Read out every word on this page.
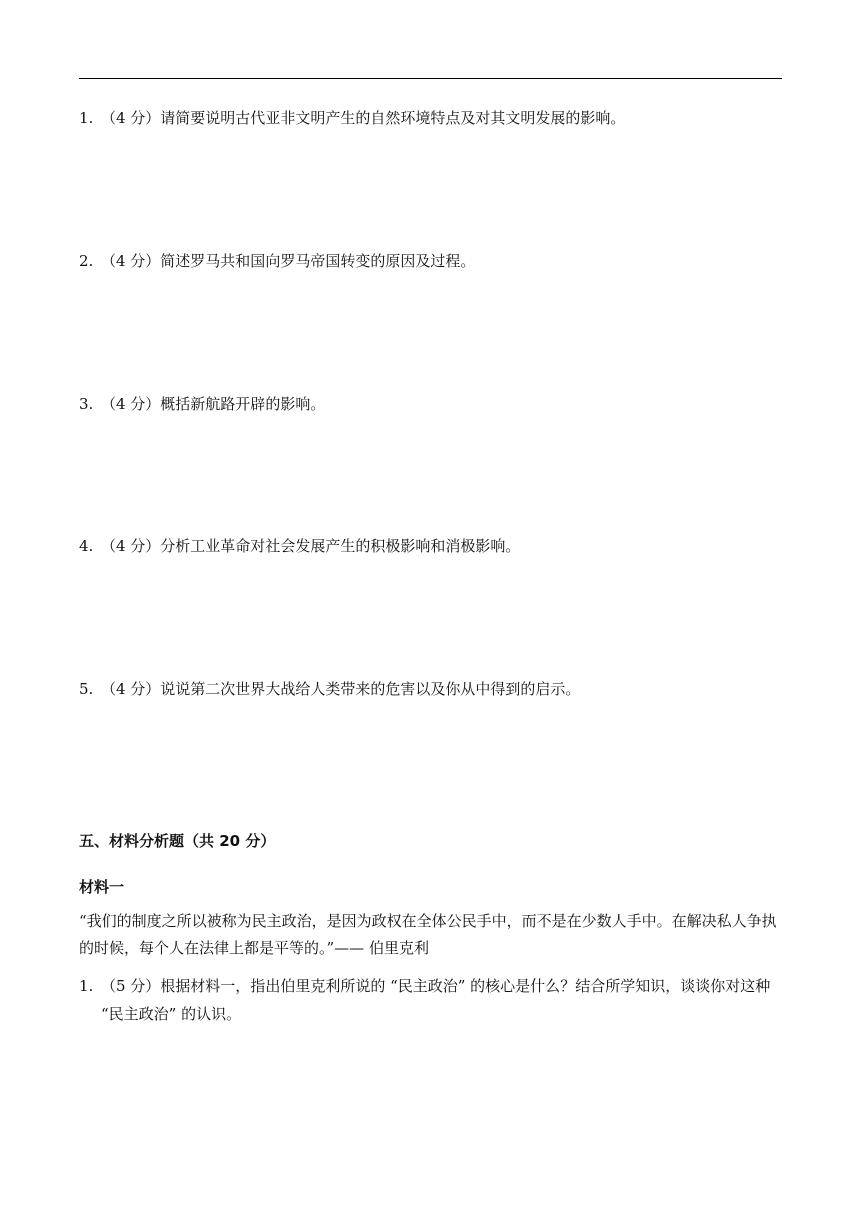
1. （4 分）请简要说明古代亚非文明产生的自然环境特点及对其文明发展的影响。
2. （4 分）简述罗马共和国向罗马帝国转变的原因及过程。
3. （4 分）概括新航路开辟的影响。
4. （4 分）分析工业革命对社会发展产生的积极影响和消极影响。
5. （4 分）说说第二次世界大战给人类带来的危害以及你从中得到的启示。
五、材料分析题（共 20 分）
材料一
“我们的制度之所以被称为民主政治，是因为政权在全体公民手中，而不是在少数人手中。在解决私人争执的时候，每个人在法律上都是平等的。”—— 伯里克利
1. （5 分）根据材料一，指出伯里克利所说的 “民主政治” 的核心是什么？结合所学知识，谈谈你对这种 “民主政治” 的认识。
